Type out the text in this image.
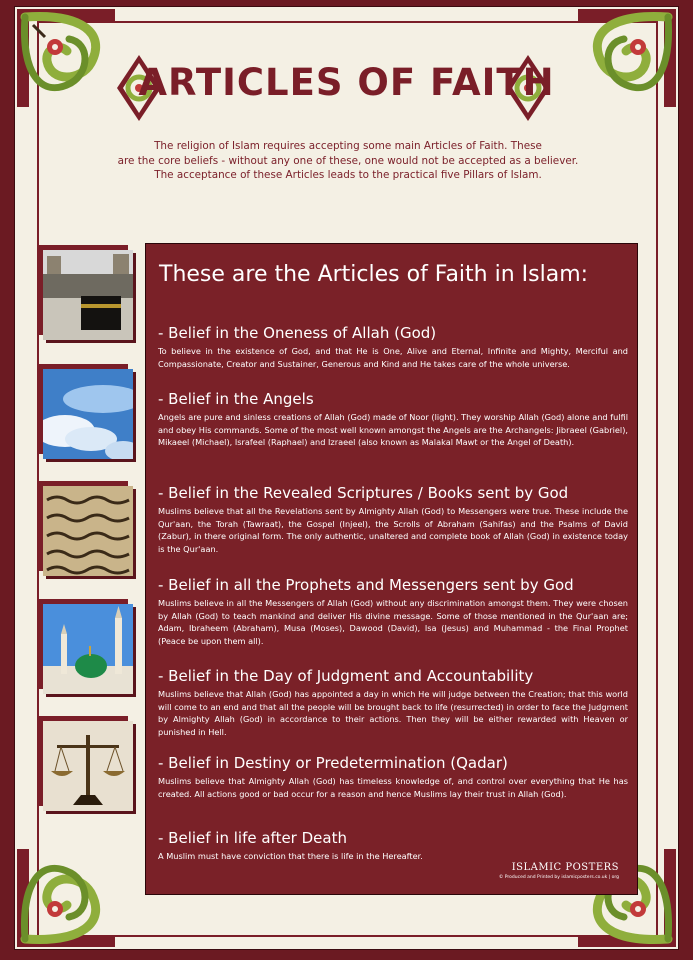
ARTICLES OF FAITH

The religion of Islam requires accepting some main Articles of Faith. These

are the core beliefs - without any one of these, one would not be accepted as a believer.

The acceptance of these Articles leads to the practical five Pillars of Islam.

These are the Articles of Faith in Islam:
- Belief in the Oneness of Allah (God)

To believe in the existence of God, and that He is One, Alive and Eternal, Infinite and Mighty, Merciful and Compassionate, Creator and Sustainer, Generous and Kind and He takes care of the whole universe.

- Belief in the Angels

Angels are pure and sinless creations of Allah (God) made of Noor (light). They worship Allah (God) alone and fulfil and obey His commands. Some of the most well known amongst the Angels are the Archangels: Jibraeel (Gabriel), Mikaeel (Michael), Israfeel (Raphael) and Izraeel (also known as Malakal Mawt or the Angel of Death).

- Belief in the Revealed Scriptures / Books sent by God

Muslims believe that all the Revelations sent by Almighty Allah (God) to Messengers were true. These include the Qur'aan, the Torah (Tawraat), the Gospel (Injeel), the Scrolls of Abraham (Sahifas) and the Psalms of David (Zabur), in there original form. The only authentic, unaltered and complete book of Allah (God) in existence today is the Qur'aan.

- Belief in all the Prophets and Messengers sent by God

Muslims believe in all the Messengers of Allah (God) without any discrimination amongst them. They were chosen by Allah (God) to teach mankind and deliver His divine message. Some of those mentioned in the Qur'aan are; Adam, Ibraheem (Abraham), Musa (Moses), Dawood (David), Isa (Jesus) and Muhammad - the Final Prophet (Peace be upon them all).

- Belief in the Day of Judgment and Accountability

Muslims believe that Allah (God) has appointed a day in which He will judge between the Creation; that this world will come to an end and that all the people will be brought back to life (resurrected) in order to face the Judgment by Almighty Allah (God) in accordance to their actions. Then they will be either rewarded with Heaven or punished in Hell.

- Belief in Destiny or Predetermination (Qadar)

Muslims believe that Almighty Allah (God) has timeless knowledge of, and control over everything that He has created. All actions good or bad occur for a reason and hence Muslims lay their trust in Allah (God).

- Belief in life after Death

A Muslim must have conviction that there is life in the Hereafter.

ISLAMIC POSTERS
© Produced and Printed by islamicposters.co.uk | org
